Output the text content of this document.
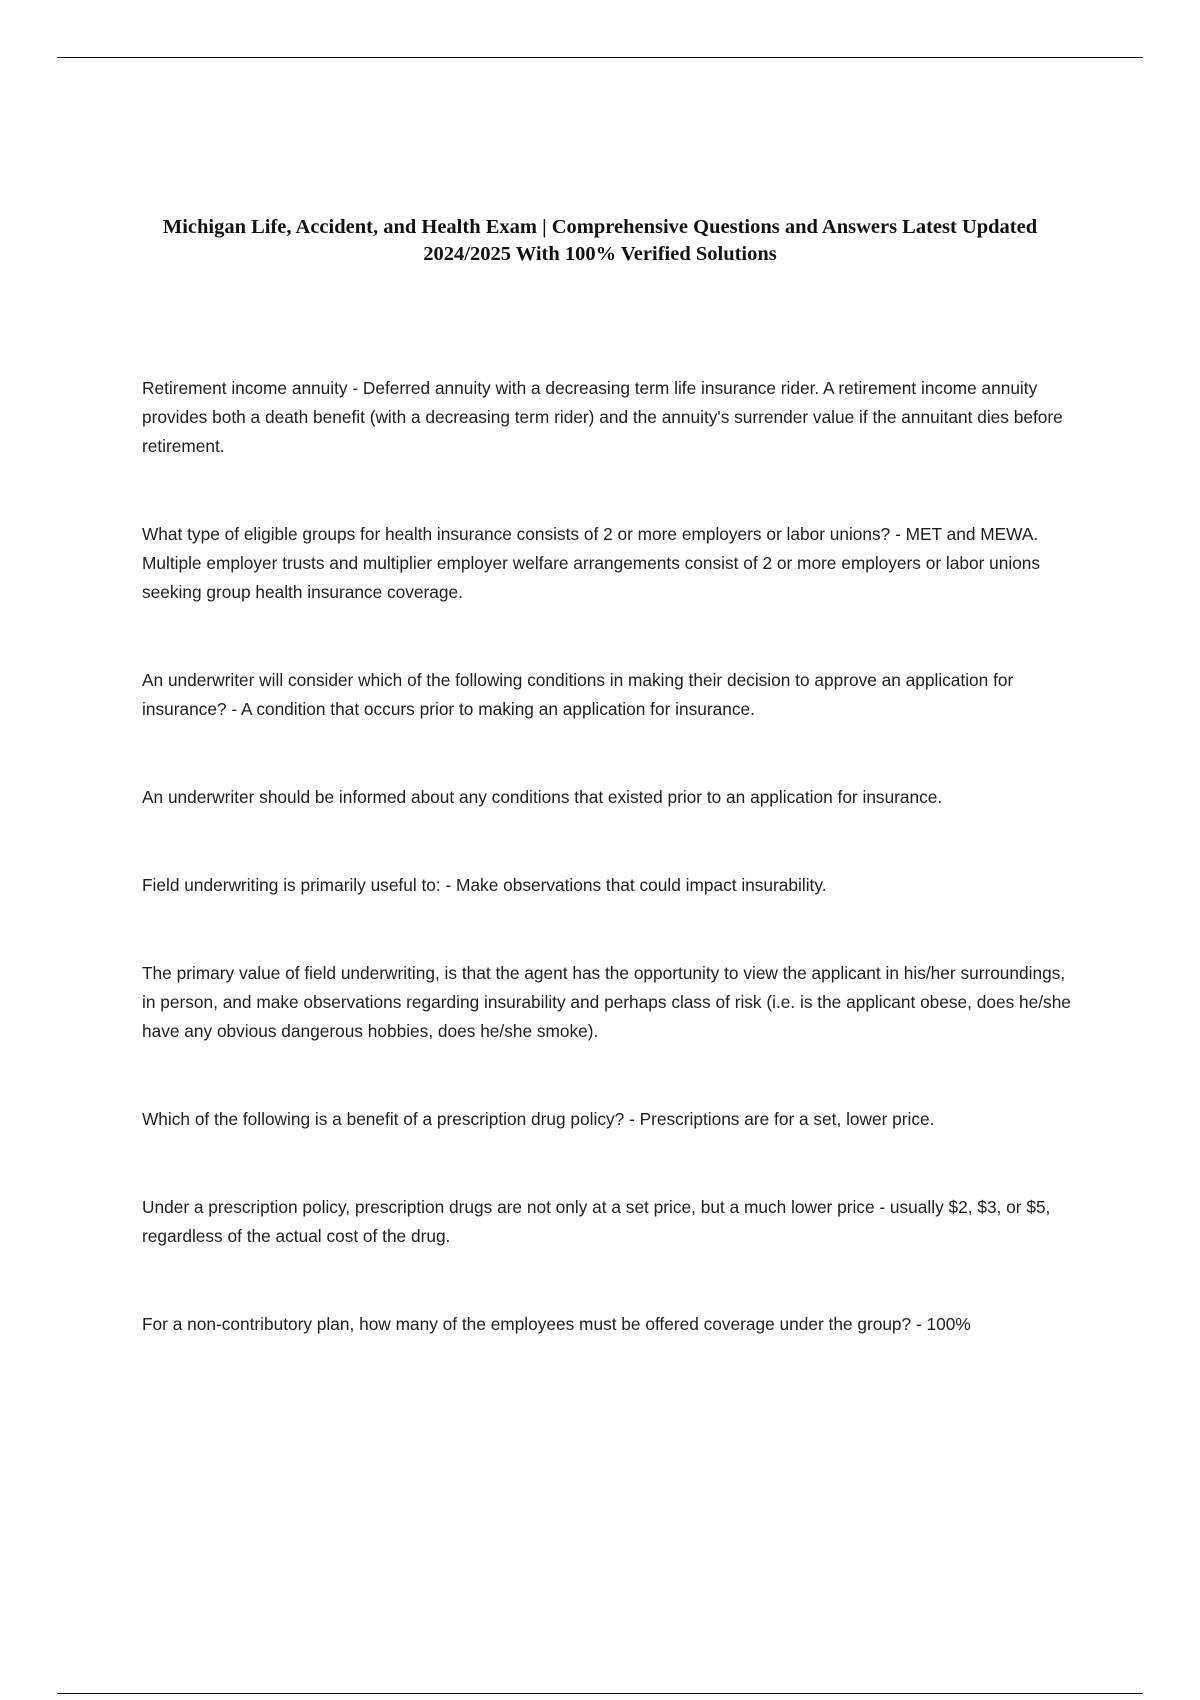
Michigan Life, Accident, and Health Exam | Comprehensive Questions and Answers Latest Updated 2024/2025 With 100% Verified Solutions

Retirement income annuity - Deferred annuity with a decreasing term life insurance rider. A retirement income annuity provides both a death benefit (with a decreasing term rider) and the annuity's surrender value if the annuitant dies before retirement.

What type of eligible groups for health insurance consists of 2 or more employers or labor unions? - MET and MEWA. Multiple employer trusts and multiplier employer welfare arrangements consist of 2 or more employers or labor unions seeking group health insurance coverage.

An underwriter will consider which of the following conditions in making their decision to approve an application for insurance? - A condition that occurs prior to making an application for insurance.

An underwriter should be informed about any conditions that existed prior to an application for insurance.

Field underwriting is primarily useful to: - Make observations that could impact insurability.

The primary value of field underwriting, is that the agent has the opportunity to view the applicant in his/her surroundings, in person, and make observations regarding insurability and perhaps class of risk (i.e. is the applicant obese, does he/she have any obvious dangerous hobbies, does he/she smoke).

Which of the following is a benefit of a prescription drug policy? - Prescriptions are for a set, lower price.

Under a prescription policy, prescription drugs are not only at a set price, but a much lower price - usually $2, $3, or $5, regardless of the actual cost of the drug.

For a non-contributory plan, how many of the employees must be offered coverage under the group? - 100%
